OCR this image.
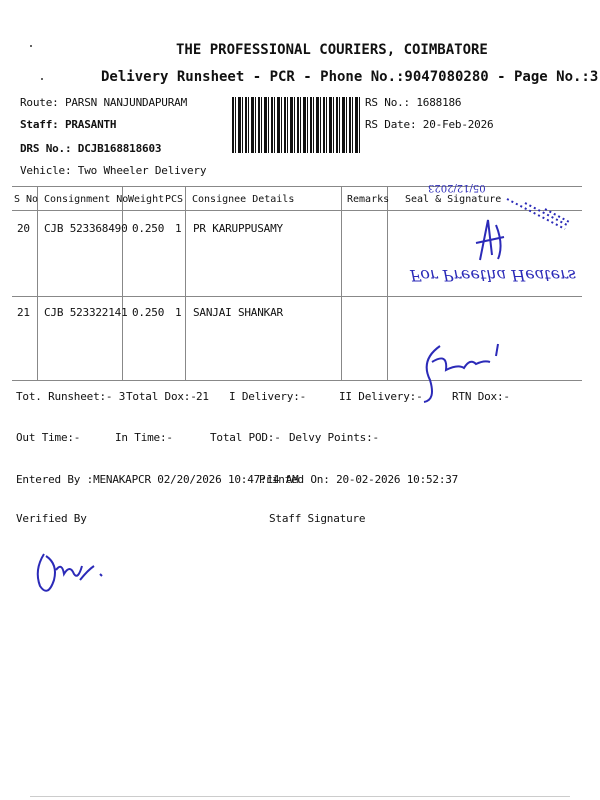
THE PROFESSIONAL COURIERS, COIMBATORE
Delivery Runsheet - PCR - Phone No.:9047080280 - Page No.:3
Route: PARSN NANJUNDAPURAM
Staff: PRASANTH
DRS No.: DCJB168818603
Vehicle: Two Wheeler Delivery
RS No.: 1688186
RS Date: 20-Feb-2026
S No Consignment No Weight PCS Consignee Details	Remarks Seal & Signature
20 CJB 523368490 0.250 1 PR KARUPPUSAMY
21 CJB 523322141 0.250 1 SANJAI SHANKAR
05/12/2023
For Preetha Heaters
Tot. Runsheet:- 3 Total Dox:- 21 I Delivery:-	II Delivery:-	RTN Dox:-
Out Time:-	In Time:-	Total POD:- Delvy Points:-
Entered By :MENAKAPCR 02/20/2026 10:47:14 AM
Printed On: 20-02-2026 10:52:37
Verified By	Staff Signature
